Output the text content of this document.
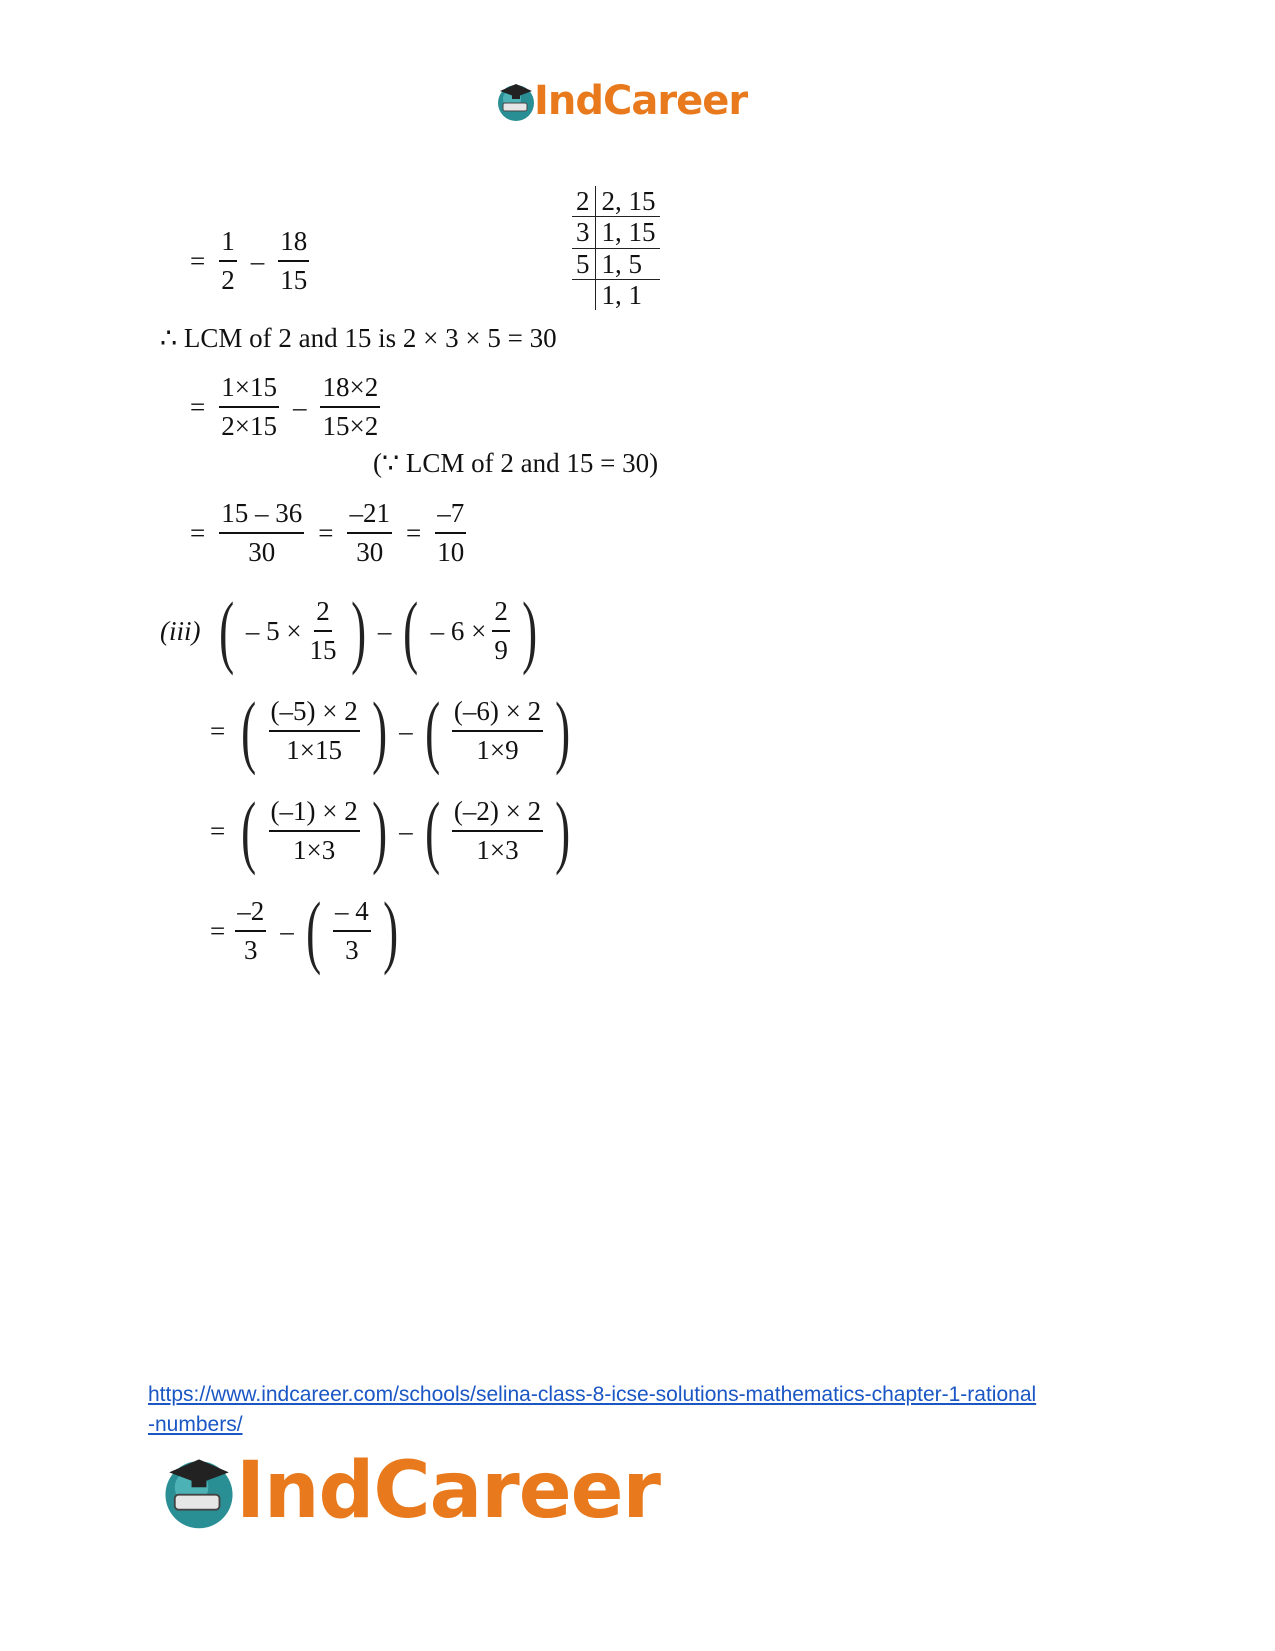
IndCareer
= $\frac{1}{2} - \frac{18}{15}$
2	2, 15
3	1, 15
5	1, 5
	1, 1
∴ LCM of 2 and 15 is 2 × 3 × 5 = 30
= $\frac{1\times 15}{2\times 15} - \frac{18\times 2}{15\times 2}$
(∵ LCM of 2 and 15 = 30)
= $\frac{15 - 36}{30} = \frac{-21}{30} = \frac{-7}{10}$
(iii) ( – $5 \times \frac{2}{15}$ ) – ( – $6 \times \frac{2}{9}$ )
= ( $\frac{(-5) \times 2}{1\times 15}$ ) – ( $\frac{(-6) \times 2}{1\times 9}$ )
= ( $\frac{(-1) \times 2}{1\times 3}$ ) – ( $\frac{(-2) \times 2}{1\times 3}$ )
= $\frac{-2}{3}$ – ( $\frac{- 4}{3}$ )
https://www.indcareer.com/schools/selina-class-8-icse-solutions-mathematics-chapter-1-rational
-numbers/
IndCareer
